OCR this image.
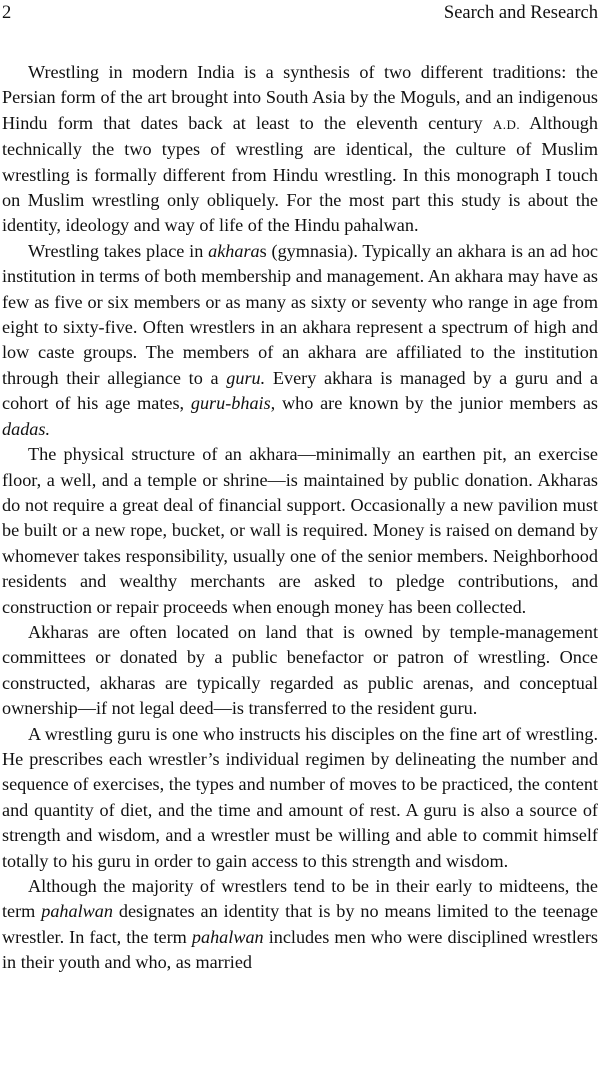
2	Search and Research

Wrestling in modern India is a synthesis of two different traditions: the Persian form of the art brought into South Asia by the Moguls, and an indigenous Hindu form that dates back at least to the eleventh century A.D. Although technically the two types of wrestling are identical, the culture of Muslim wrestling is formally different from Hindu wrestling. In this monograph I touch on Muslim wrestling only obliquely. For the most part this study is about the identity, ideology and way of life of the Hindu pahalwan.

Wrestling takes place in akharas (gymnasia). Typically an akhara is an ad hoc institution in terms of both membership and management. An akhara may have as few as five or six members or as many as sixty or seventy who range in age from eight to sixty-five. Often wrestlers in an akhara represent a spectrum of high and low caste groups. The members of an akhara are affiliated to the institution through their allegiance to a guru. Every akhara is managed by a guru and a cohort of his age mates, guru-bhais, who are known by the junior members as dadas.

The physical structure of an akhara—minimally an earthen pit, an exercise floor, a well, and a temple or shrine—is maintained by public donation. Akharas do not require a great deal of financial support. Occasionally a new pavilion must be built or a new rope, bucket, or wall is required. Money is raised on demand by whomever takes responsibility, usually one of the senior members. Neighborhood residents and wealthy merchants are asked to pledge contributions, and construction or repair proceeds when enough money has been collected.

Akharas are often located on land that is owned by temple-management committees or donated by a public benefactor or patron of wrestling. Once constructed, akharas are typically regarded as public arenas, and conceptual ownership—if not legal deed—is transferred to the resident guru.

A wrestling guru is one who instructs his disciples on the fine art of wrestling. He prescribes each wrestler’s individual regimen by delineating the number and sequence of exercises, the types and number of moves to be practiced, the content and quantity of diet, and the time and amount of rest. A guru is also a source of strength and wisdom, and a wrestler must be willing and able to commit himself totally to his guru in order to gain access to this strength and wisdom.

Although the majority of wrestlers tend to be in their early to midteens, the term pahalwan designates an identity that is by no means limited to the teenage wrestler. In fact, the term pahalwan includes men who were disciplined wrestlers in their youth and who, as married
